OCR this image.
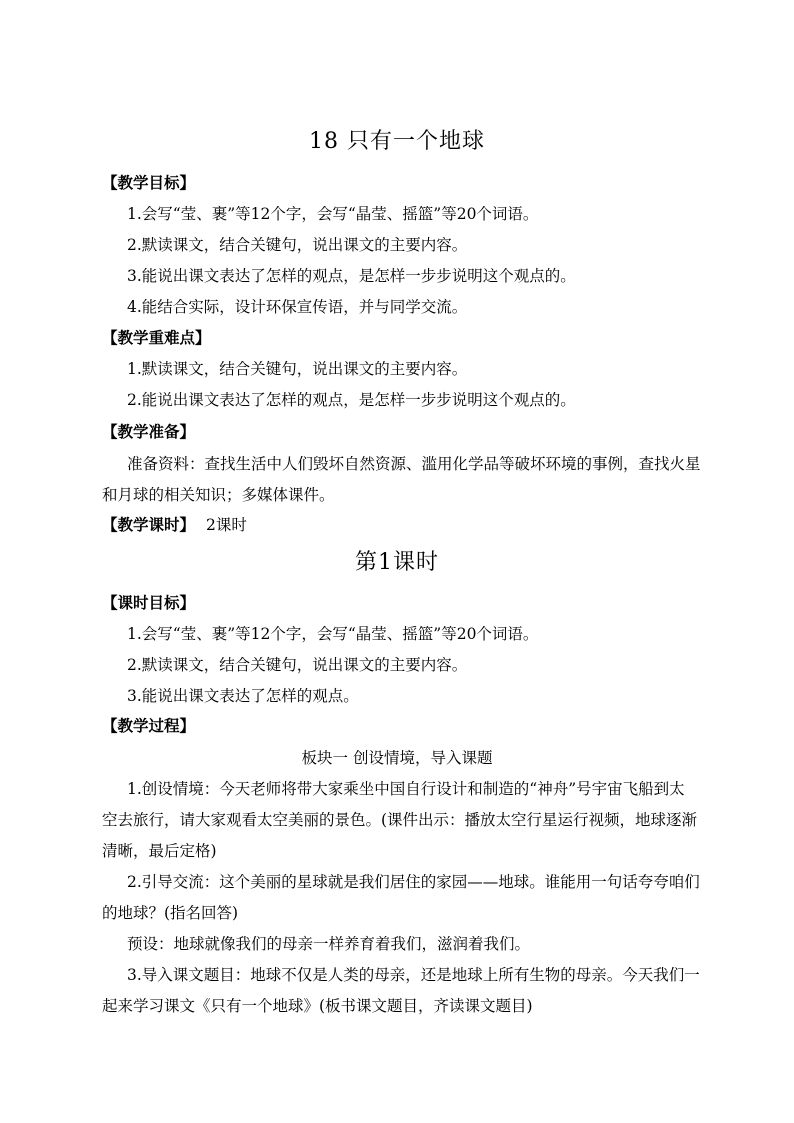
18 只有一个地球
【教学目标】
1.会写“莹、裹”等12个字，会写“晶莹、摇篮”等20个词语。
2.默读课文，结合关键句，说出课文的主要内容。
3.能说出课文表达了怎样的观点，是怎样一步步说明这个观点的。
4.能结合实际，设计环保宣传语，并与同学交流。
【教学重难点】
1.默读课文，结合关键句，说出课文的主要内容。
2.能说出课文表达了怎样的观点，是怎样一步步说明这个观点的。
【教学准备】
准备资料：查找生活中人们毁坏自然资源、滥用化学品等破坏环境的事例，查找火星
和月球的相关知识；多媒体课件。
【教学课时】 2课时
第1课时
【课时目标】
1.会写“莹、裹”等12个字，会写“晶莹、摇篮”等20个词语。
2.默读课文，结合关键句，说出课文的主要内容。
3.能说出课文表达了怎样的观点。
【教学过程】
板块一 创设情境，导入课题
1.创设情境：今天老师将带大家乘坐中国自行设计和制造的“神舟”号宇宙飞船到太
空去旅行，请大家观看太空美丽的景色。(课件出示：播放太空行星运行视频，地球逐渐
清晰，最后定格)
2.引导交流：这个美丽的星球就是我们居住的家园——地球。谁能用一句话夸夸咱们
的地球？(指名回答)
预设：地球就像我们的母亲一样养育着我们，滋润着我们。
3.导入课文题目：地球不仅是人类的母亲，还是地球上所有生物的母亲。今天我们一
起来学习课文《只有一个地球》(板书课文题目，齐读课文题目)
